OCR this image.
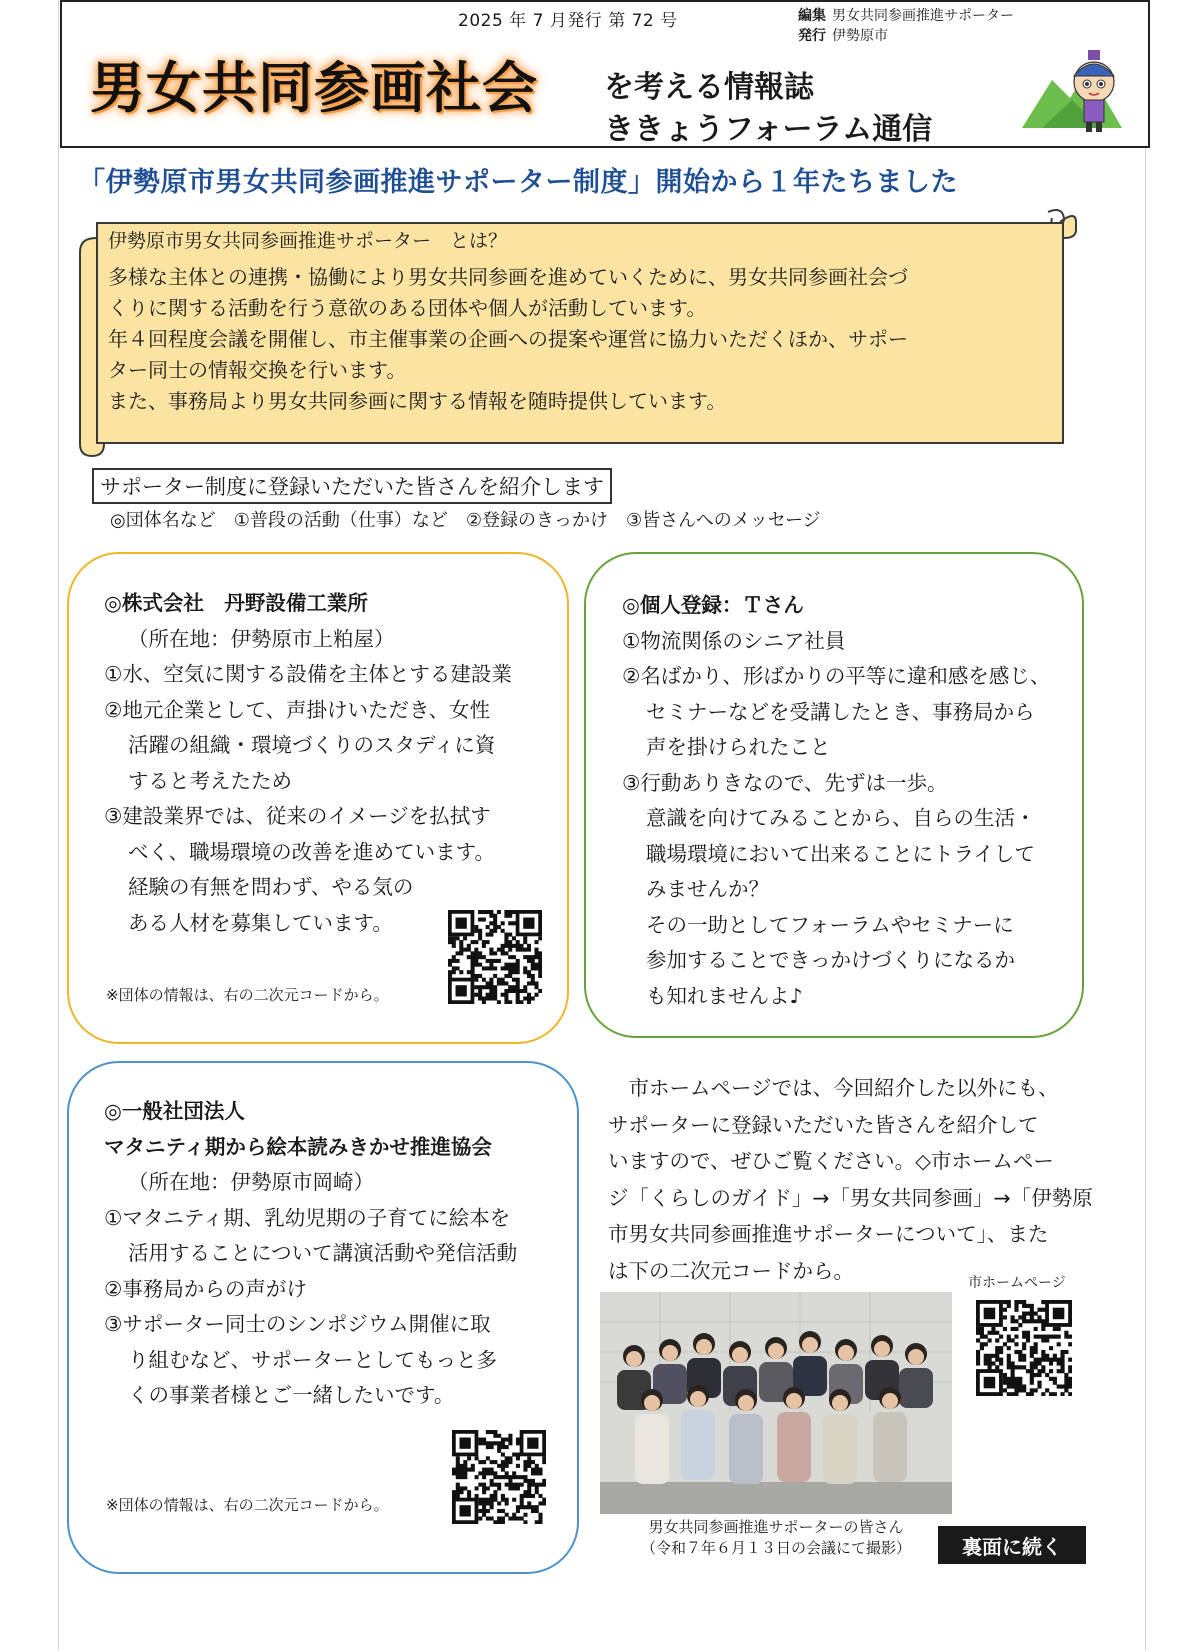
2025 年 7 月発行 第 72 号	編集 男女共同参画推進サポーター
発行 伊勢原市
男女共同参画社会 を考える情報誌
ききょうフォーラム通信
「伊勢原市男女共同参画推進サポーター制度」開始から１年たちました
伊勢原市男女共同参画推進サポーター　とは？
多様な主体との連携・協働により男女共同参画を進めていくために、男女共同参画社会づ
くりに関する活動を行う意欲のある団体や個人が活動しています。
年４回程度会議を開催し、市主催事業の企画への提案や運営に協力いただくほか、サポー
ター同士の情報交換を行います。
また、事務局より男女共同参画に関する情報を随時提供しています。
サポーター制度に登録いただいた皆さんを紹介します
◎団体名など　①普段の活動（仕事）など　②登録のきっかけ　③皆さんへのメッセージ
◎株式会社　丹野設備工業所
（所在地：伊勢原市上粕屋）
①水、空気に関する設備を主体とする建設業
②地元企業として、声掛けいただき、女性
活躍の組織・環境づくりのスタディに資
すると考えたため
③建設業界では、従来のイメージを払拭す
べく、職場環境の改善を進めています。
経験の有無を問わず、やる気の
ある人材を募集しています。
※団体の情報は、右の二次元コードから。
◎個人登録：Ｔさん
①物流関係のシニア社員
②名ばかり、形ばかりの平等に違和感を感じ、
セミナーなどを受講したとき、事務局から
声を掛けられたこと
③行動ありきなので、先ずは一歩。
意識を向けてみることから、自らの生活・
職場環境において出来ることにトライして
みませんか？
その一助としてフォーラムやセミナーに
参加することできっかけづくりになるか
も知れませんよ♪
◎一般社団法人
マタニティ期から絵本読みきかせ推進協会
（所在地：伊勢原市岡崎）
①マタニティ期、乳幼児期の子育てに絵本を
活用することについて講演活動や発信活動
②事務局からの声がけ
③サポーター同士のシンポジウム開催に取
り組むなど、サポーターとしてもっと多
くの事業者様とご一緒したいです。
※団体の情報は、右の二次元コードから。
　市ホームページでは、今回紹介した以外にも、
サポーターに登録いただいた皆さんを紹介して
いますので、ぜひご覧ください。◇市ホームペー
ジ「くらしのガイド」→「男女共同参画」→「伊勢原
市男女共同参画推進サポーターについて」、また
は下の二次元コードから。
市ホームページ
男女共同参画推進サポーターの皆さん
（令和７年６月１３日の会議にて撮影）	裏面に続く
